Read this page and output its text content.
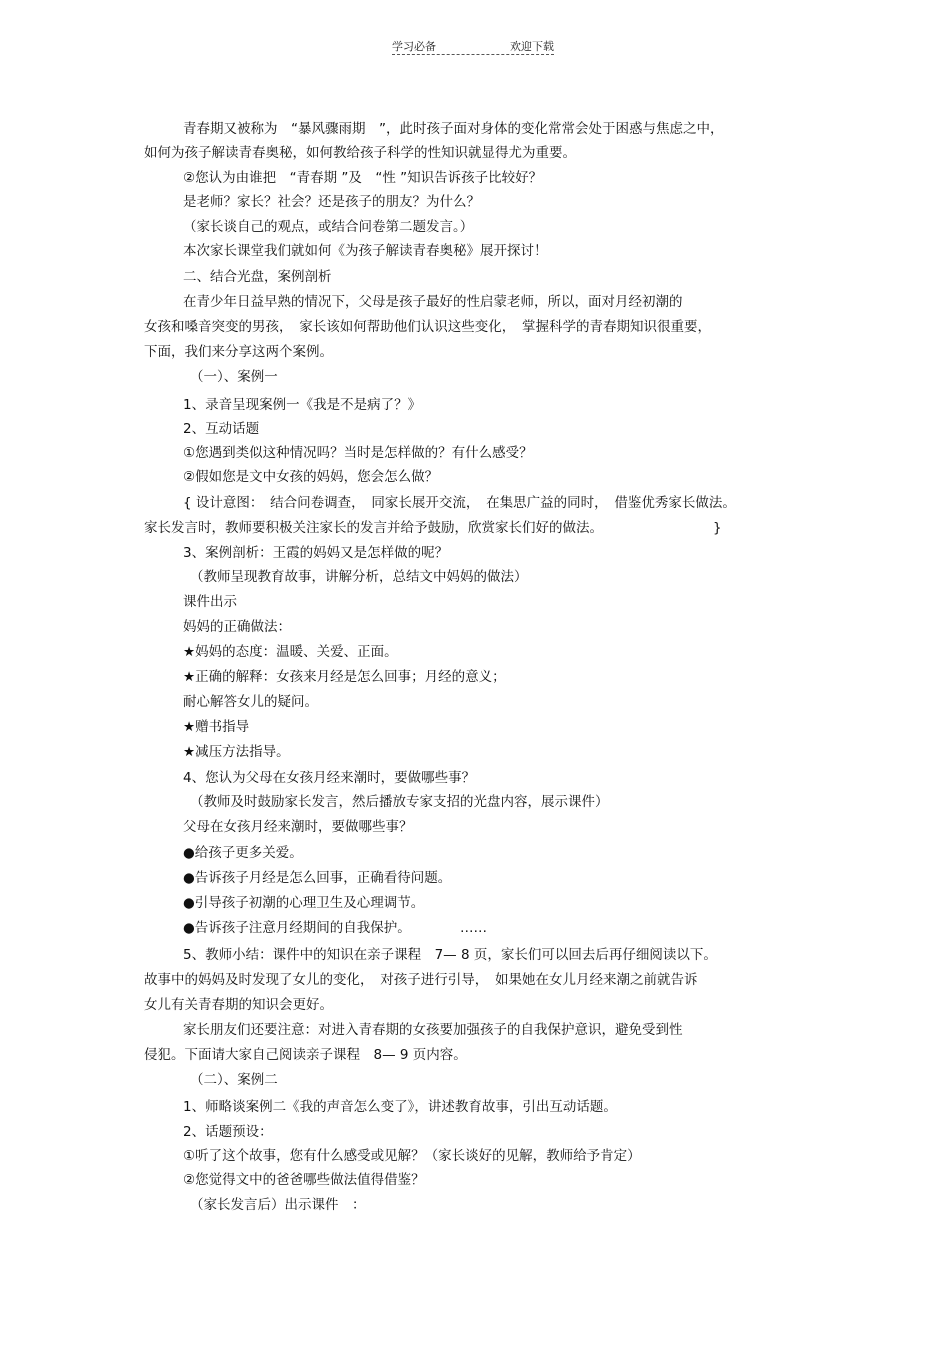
学习必备	欢迎下载
青春期又被称为　“暴风骤雨期　”，此时孩子面对身体的变化常常会处于困惑与焦虑之中，
如何为孩子解读青春奥秘，如何教给孩子科学的性知识就显得尤为重要。
②您认为由谁把　“青春期 ”及　“性 ”知识告诉孩子比较好？
是老师？家长？社会？还是孩子的朋友？为什么？
（家长谈自己的观点，或结合问卷第二题发言。）
本次家长课堂我们就如何《为孩子解读青春奥秘》展开探讨！
二、结合光盘，案例剖析
在青少年日益早熟的情况下，父母是孩子最好的性启蒙老师，所以，面对月经初潮的
女孩和嗓音突变的男孩，　家长该如何帮助他们认识这些变化，　掌握科学的青春期知识很重要，
下面，我们来分享这两个案例。
（一）、案例一
1、录音呈现案例一《我是不是病了？》
2、互动话题
①您遇到类似这种情况吗？当时是怎样做的？有什么感受？
②假如您是文中女孩的妈妈，您会怎么做？
{ 设计意图：　结合问卷调查，　同家长展开交流，　在集思广益的同时，　借鉴优秀家长做法。
家长发言时，教师要积极关注家长的发言并给予鼓励，欣赏家长们好的做法。	}
3、案例剖析：王霞的妈妈又是怎样做的呢？
（教师呈现教育故事，讲解分析，总结文中妈妈的做法）
课件出示
妈妈的正确做法：
★妈妈的态度：温暖、关爱、正面。
★正确的解释：女孩来月经是怎么回事；月经的意义；
耐心解答女儿的疑问。
★赠书指导
★减压方法指导。
4、您认为父母在女孩月经来潮时，要做哪些事？
（教师及时鼓励家长发言，然后播放专家支招的光盘内容，展示课件）
父母在女孩月经来潮时，要做哪些事？
●给孩子更多关爱。
●告诉孩子月经是怎么回事，正确看待问题。
●引导孩子初潮的心理卫生及心理调节。
●告诉孩子注意月经期间的自我保护。	……
5、教师小结：课件中的知识在亲子课程　7— 8 页，家长们可以回去后再仔细阅读以下。
故事中的妈妈及时发现了女儿的变化，　对孩子进行引导，　如果她在女儿月经来潮之前就告诉
女儿有关青春期的知识会更好。
家长朋友们还要注意：对进入青春期的女孩要加强孩子的自我保护意识，避免受到性
侵犯。下面请大家自己阅读亲子课程　8— 9 页内容。
（二）、案例二
1、师略谈案例二《我的声音怎么变了》，讲述教育故事，引出互动话题。
2、话题预设：
①听了这个故事，您有什么感受或见解？（家长谈好的见解，教师给予肯定）
②您觉得文中的爸爸哪些做法值得借鉴？
（家长发言后）出示课件　：
